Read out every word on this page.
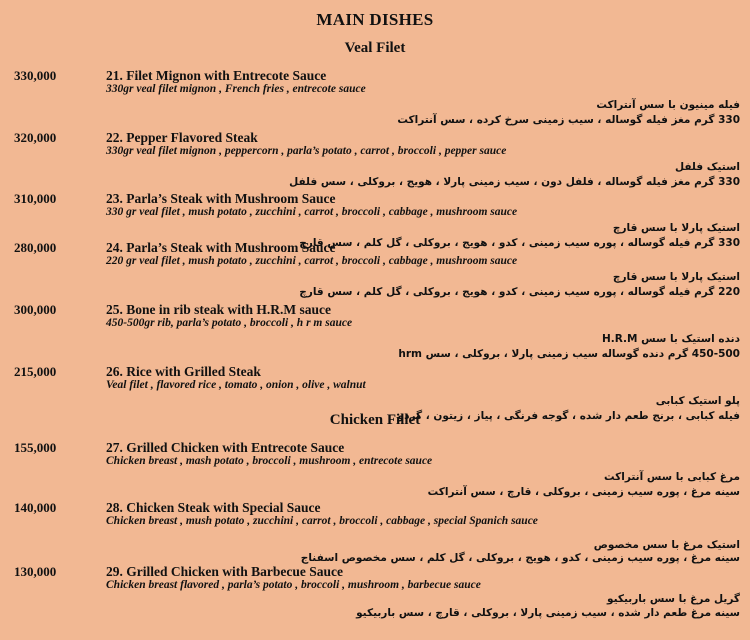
MAIN DISHES
Veal Filet
330,000	21. Filet Mignon with Entrecote Sauce
330gr veal filet mignon , French fries , entrecote sauce
فیله مینیون با سس آنتراکت
330 گرم مغز فیله گوساله ، سیب زمینی سرخ کرده ، سس آنتراکت
320,000	22. Pepper Flavored Steak
330gr veal filet mignon , peppercorn , parla’s potato , carrot , broccoli , pepper sauce
استیک فلفل
330 گرم مغز فیله گوساله ، فلفل دون ، سیب زمینی پارلا ، هویج ، بروکلی ، سس فلفل
310,000	23. Parla’s Steak with Mushroom Sauce
330 gr veal filet , mush potato , zucchini , carrot , broccoli , cabbage , mushroom sauce
استیک پارلا با سس قارچ
330 گرم فیله گوساله ، پوره سیب زمینی ، کدو ، هویج ، بروکلی ، گل کلم ، سس قارچ
280,000	24. Parla’s Steak with Mushroom Sauce
220 gr veal filet , mush potato , zucchini , carrot , broccoli , cabbage , mushroom sauce
استیک پارلا با سس قارچ
220 گرم فیله گوساله ، پوره سیب زمینی ، کدو ، هویج ، بروکلی ، گل کلم ، سس قارچ
300,000	25. Bone in rib steak with H.R.M sauce
450-500gr rib, parla’s potato , broccoli , h r m sauce
دنده استیک با سس H.R.M
450-500 گرم دنده گوساله سیب زمینی پارلا ، بروکلی ، سس hrm
215,000	26. Rice with Grilled Steak
Veal filet , flavored rice , tomato , onion , olive , walnut
پلو استیک کبابی
فیله کبابی ، برنج طعم دار شده ، گوجه فرنگی ، پیاز ، زیتون ، گردو
Chicken Fillet
155,000	27. Grilled Chicken with Entrecote Sauce
Chicken breast , mash potato , broccoli , mushroom , entrecote sauce
مرغ کبابی با سس آنتراکت
سینه مرغ ، پوره سیب زمینی ، بروکلی ، قارچ ، سس آنتراکت
140,000	28. Chicken Steak with Special Sauce
Chicken breast , mush potato , zucchini , carrot , broccoli , cabbage , special Spanich sauce
استیک مرغ با سس مخصوص
سینه مرغ ، پوره سیب زمینی ، کدو ، هویج ، بروکلی ، گل کلم ، سس مخصوص اسفناج
130,000	29. Grilled Chicken with Barbecue Sauce
Chicken breast flavored , parla’s potato , broccoli , mushroom , barbecue sauce
گریل مرغ با سس باربیکیو
سینه مرغ طعم دار شده ، سیب زمینی پارلا ، بروکلی ، قارچ ، سس باربیکیو
